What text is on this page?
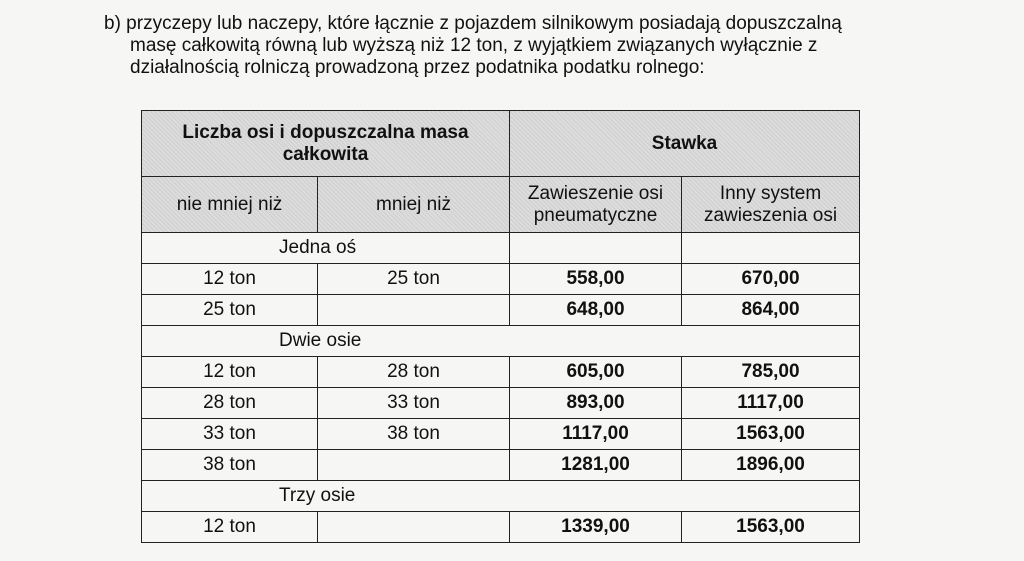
b) przyczepy lub naczepy, które łącznie z pojazdem silnikowym posiadają dopuszczalną
masę całkowitą równą lub wyższą niż 12 ton, z wyjątkiem związanych wyłącznie z
działalnością rolniczą prowadzoną przez podatnika podatku rolnego:
Liczba osi i dopuszczalna masa całkowita		Stawka	
nie mniej niż	mniej niż	Zawieszenie osi pneumatyczne	Inny system zawieszenia osi
Jedna oś			
12 ton	25 ton	558,00	670,00
25 ton		648,00	864,00
Dwie osie			
12 ton	28 ton	605,00	785,00
28 ton	33 ton	893,00	1117,00
33 ton	38 ton	1117,00	1563,00
38 ton		1281,00	1896,00
Trzy osie			
12 ton		1339,00	1563,00
